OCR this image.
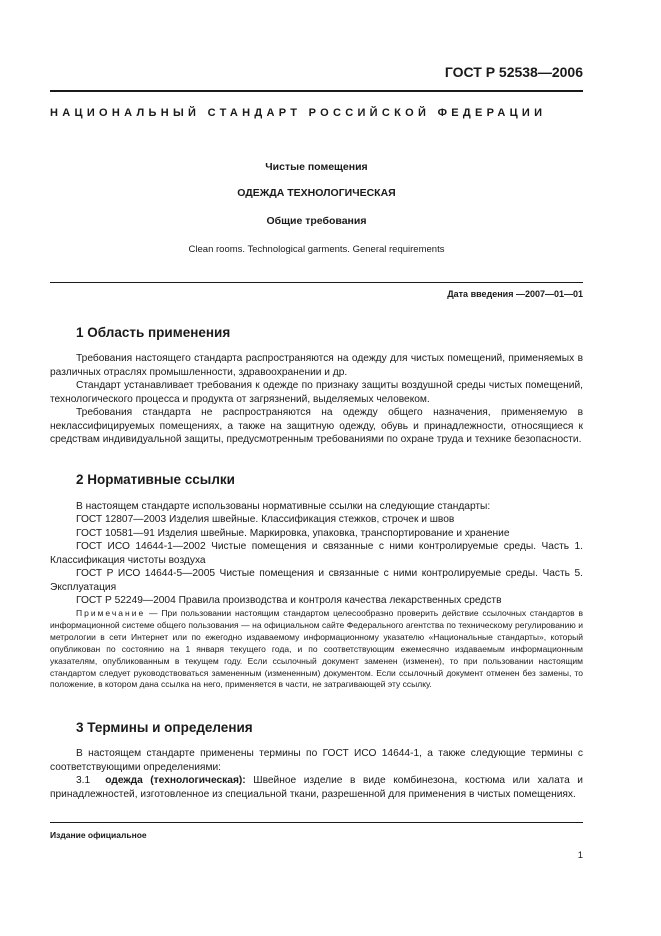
ГОСТ Р 52538—2006
НАЦИОНАЛЬНЫЙ СТАНДАРТ РОССИЙСКОЙ ФЕДЕРАЦИИ
Чистые помещения
ОДЕЖДА ТЕХНОЛОГИЧЕСКАЯ
Общие требования
Clean rooms. Technological garments. General requirements
Дата введения —2007—01—01
1 Область применения
Требования настоящего стандарта распространяются на одежду для чистых помещений, применяемых в различных отраслях промышленности, здравоохранении и др.
Стандарт устанавливает требования к одежде по признаку защиты воздушной среды чистых помещений, технологического процесса и продукта от загрязнений, выделяемых человеком.
Требования стандарта не распространяются на одежду общего назначения, применяемую в неклассифицируемых помещениях, а также на защитную одежду, обувь и принадлежности, относящиеся к средствам индивидуальной защиты, предусмотренным требованиями по охране труда и технике безопасности.
2 Нормативные ссылки
В настоящем стандарте использованы нормативные ссылки на следующие стандарты:
ГОСТ 12807—2003 Изделия швейные. Классификация стежков, строчек и швов
ГОСТ 10581—91 Изделия швейные. Маркировка, упаковка, транспортирование и хранение
ГОСТ ИСО 14644-1—2002 Чистые помещения и связанные с ними контролируемые среды. Часть 1. Классификация чистоты воздуха
ГОСТ Р ИСО 14644-5—2005 Чистые помещения и связанные с ними контролируемые среды. Часть 5. Эксплуатация
ГОСТ Р 52249—2004 Правила производства и контроля качества лекарственных средств
Примечание — При пользовании настоящим стандартом целесообразно проверить действие ссылочных стандартов в информационной системе общего пользования — на официальном сайте Федерального агентства по техническому регулированию и метрологии в сети Интернет или по ежегодно издаваемому информационному указателю «Национальные стандарты», который опубликован по состоянию на 1 января текущего года, и по соответствующим ежемесячно издаваемым информационным указателям, опубликованным в текущем году. Если ссылочный документ заменен (изменен), то при пользовании настоящим стандартом следует руководствоваться замененным (измененным) документом. Если ссылочный документ отменен без замены, то положение, в котором дана ссылка на него, применяется в части, не затрагивающей эту ссылку.
3 Термины и определения
В настоящем стандарте применены термины по ГОСТ ИСО 14644-1, а также следующие термины с соответствующими определениями:
3.1 одежда (технологическая): Швейное изделие в виде комбинезона, костюма или халата и принадлежностей, изготовленное из специальной ткани, разрешенной для применения в чистых помещениях.
Издание официальное
1
